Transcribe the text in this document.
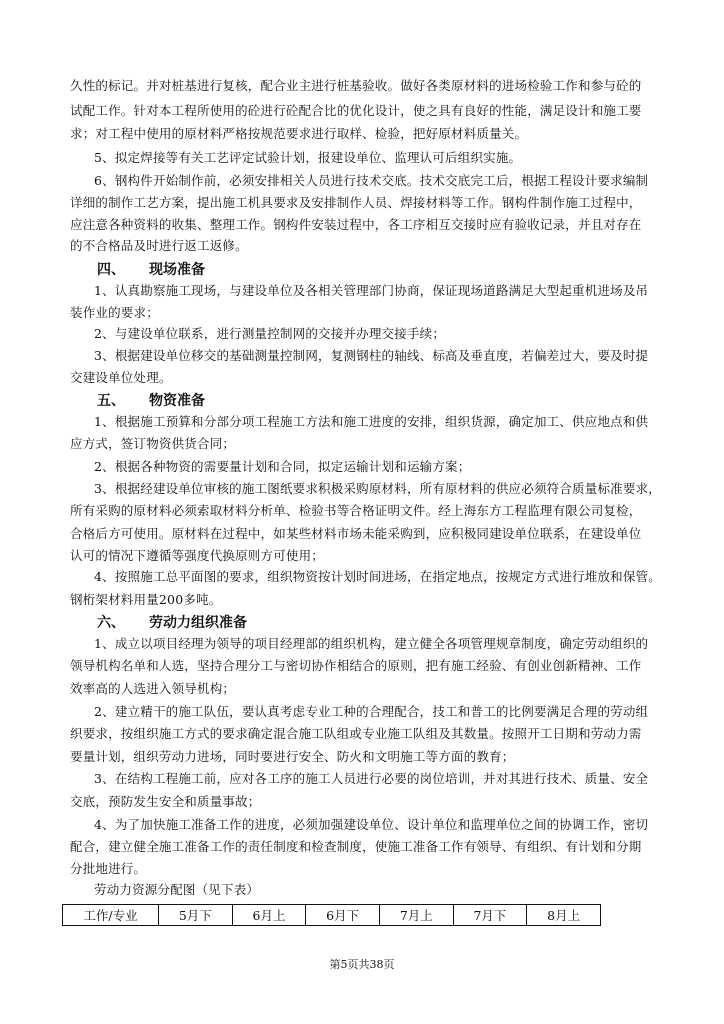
久性的标记。并对桩基进行复核，配合业主进行桩基验收。做好各类原材料的进场检验工作和参与砼的
试配工作。针对本工程所使用的砼进行砼配合比的优化设计，使之具有良好的性能，满足设计和施工要
求；对工程中使用的原材料严格按规范要求进行取样、检验，把好原材料质量关。
5、拟定焊接等有关工艺评定试验计划，报建设单位、监理认可后组织实施。
6、钢构件开始制作前，必须安排相关人员进行技术交底。技术交底完工后，根据工程设计要求编制
详细的制作工艺方案，提出施工机具要求及安排制作人员、焊接材料等工作。钢构件制作施工过程中，
应注意各种资料的收集、整理工作。钢构件安装过程中，各工序相互交接时应有验收记录，并且对存在
的不合格品及时进行返工返修。
四、 现场准备
1、认真勘察施工现场，与建设单位及各相关管理部门协商，保证现场道路满足大型起重机进场及吊
装作业的要求；
2、与建设单位联系，进行测量控制网的交接并办理交接手续；
3、根据建设单位移交的基础测量控制网，复测钢柱的轴线、标高及垂直度，若偏差过大，要及时提
交建设单位处理。
五、 物资准备
1、根据施工预算和分部分项工程施工方法和施工进度的安排，组织货源，确定加工、供应地点和供
应方式，签订物资供货合同；
2、根据各种物资的需要量计划和合同，拟定运输计划和运输方案；
3、根据经建设单位审核的施工图纸要求积极采购原材料，所有原材料的供应必须符合质量标准要求，
所有采购的原材料必须索取材料分析单、检验书等合格证明文件。经上海东方工程监理有限公司复检，
合格后方可使用。原材料在过程中，如某些材料市场未能采购到，应积极同建设单位联系，在建设单位
认可的情况下遵循等强度代换原则方可使用；
4、按照施工总平面图的要求，组织物资按计划时间进场，在指定地点，按规定方式进行堆放和保管。
钢桁架材料用量200多吨。
六、 劳动力组织准备
1、成立以项目经理为领导的项目经理部的组织机构，建立健全各项管理规章制度，确定劳动组织的
领导机构名单和人选，坚持合理分工与密切协作相结合的原则，把有施工经验、有创业创新精神、工作
效率高的人选进入领导机构；
2、建立精干的施工队伍，要认真考虑专业工种的合理配合，技工和普工的比例要满足合理的劳动组
织要求，按组织施工方式的要求确定混合施工队组或专业施工队组及其数量。按照开工日期和劳动力需
要量计划，组织劳动力进场，同时要进行安全、防火和文明施工等方面的教育；
3、在结构工程施工前，应对各工序的施工人员进行必要的岗位培训，并对其进行技术、质量、安全
交底，预防发生安全和质量事故；
4、为了加快施工准备工作的进度，必须加强建设单位、设计单位和监理单位之间的协调工作，密切
配合，建立健全施工准备工作的责任制度和检查制度，使施工准备工作有领导、有组织、有计划和分期
分批地进行。
劳动力资源分配图（见下表）
工作/专业	5月下	6月上	6月下	7月上	7月下	8月上
第5页共38页
